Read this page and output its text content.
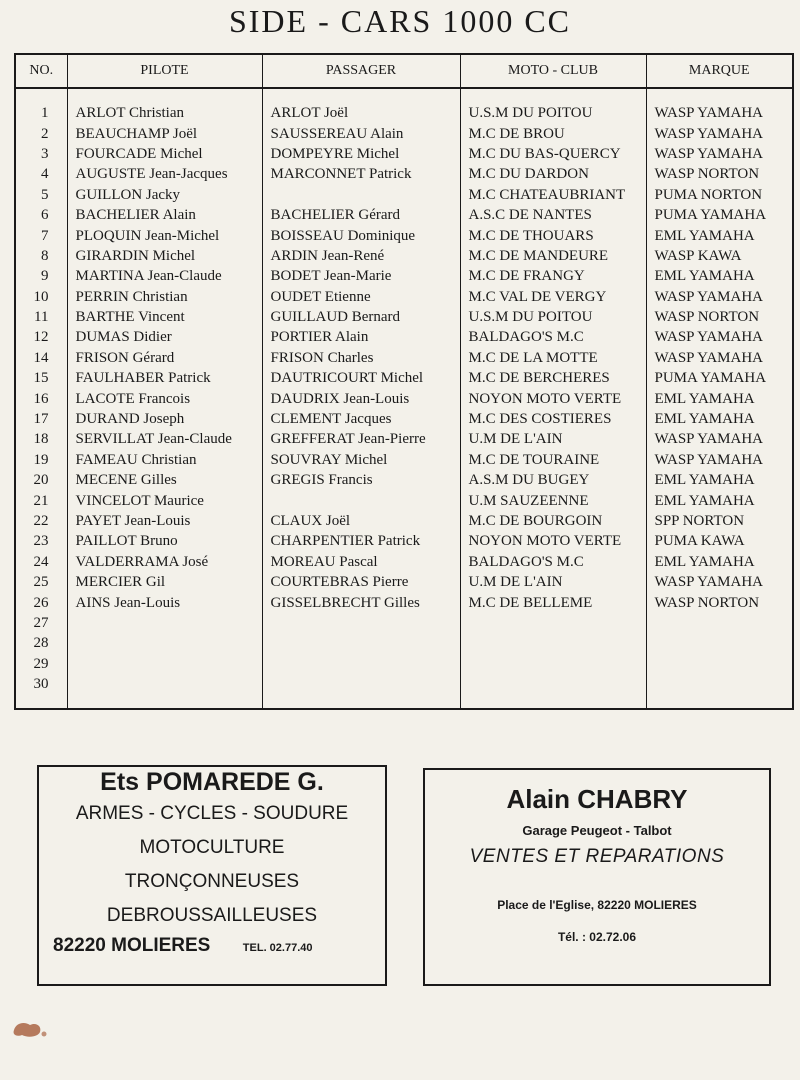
SIDE - CARS 1000 CC
NO.	PILOTE	PASSAGER	MOTO - CLUB	MARQUE

1	ARLOT Christian	ARLOT Joël	U.S.M DU POITOU	WASP YAMAHA
2	BEAUCHAMP Joël	SAUSSEREAU Alain	M.C DE BROU	WASP YAMAHA
3	FOURCADE Michel	DOMPEYRE Michel	M.C DU BAS-QUERCY	WASP YAMAHA
4	AUGUSTE Jean-Jacques	MARCONNET Patrick	M.C DU DARDON	WASP NORTON
5	GUILLON Jacky		M.C CHATEAUBRIANT	PUMA NORTON
6	BACHELIER Alain	BACHELIER Gérard	A.S.C DE NANTES	PUMA YAMAHA
7	PLOQUIN Jean-Michel	BOISSEAU Dominique	M.C DE THOUARS	EML YAMAHA
8	GIRARDIN Michel	ARDIN Jean-René	M.C DE MANDEURE	WASP KAWA
9	MARTINA Jean-Claude	BODET Jean-Marie	M.C DE FRANGY	EML YAMAHA
10	PERRIN Christian	OUDET Etienne	M.C VAL DE VERGY	WASP YAMAHA
11	BARTHE Vincent	GUILLAUD Bernard	U.S.M DU POITOU	WASP NORTON
12	DUMAS Didier	PORTIER Alain	BALDAGO'S M.C	WASP YAMAHA
14	FRISON Gérard	FRISON Charles	M.C DE LA MOTTE	WASP YAMAHA
15	FAULHABER Patrick	DAUTRICOURT Michel	M.C DE BERCHERES	PUMA YAMAHA
16	LACOTE Francois	DAUDRIX Jean-Louis	NOYON MOTO VERTE	EML YAMAHA
17	DURAND Joseph	CLEMENT Jacques	M.C DES COSTIERES	EML YAMAHA
18	SERVILLAT Jean-Claude	GREFFERAT Jean-Pierre	U.M DE L'AIN	WASP YAMAHA
19	FAMEAU Christian	SOUVRAY Michel	M.C DE TOURAINE	WASP YAMAHA
20	MECENE Gilles	GREGIS Francis	A.S.M DU BUGEY	EML YAMAHA
21	VINCELOT Maurice		U.M SAUZEENNE	EML YAMAHA
22	PAYET Jean-Louis	CLAUX Joël	M.C DE BOURGOIN	SPP NORTON
23	PAILLOT Bruno	CHARPENTIER Patrick	NOYON MOTO VERTE	PUMA KAWA
24	VALDERRAMA José	MOREAU Pascal	BALDAGO'S M.C	EML YAMAHA
25	MERCIER Gil	COURTEBRAS Pierre	U.M DE L'AIN	WASP YAMAHA
26	AINS Jean-Louis	GISSELBRECHT Gilles	M.C DE BELLEME	WASP NORTON
27				
28				
29				
30				

Ets POMAREDE G.
ARMES - CYCLES - SOUDURE
MOTOCULTURE
TRONÇONNEUSES
DEBROUSSAILLEUSES
82220 MOLIERES	TEL. 02.77.40
Alain CHABRY
Garage Peugeot - Talbot
VENTES ET REPARATIONS
Place de l'Eglise, 82220 MOLIERES
Tél. : 02.72.06
